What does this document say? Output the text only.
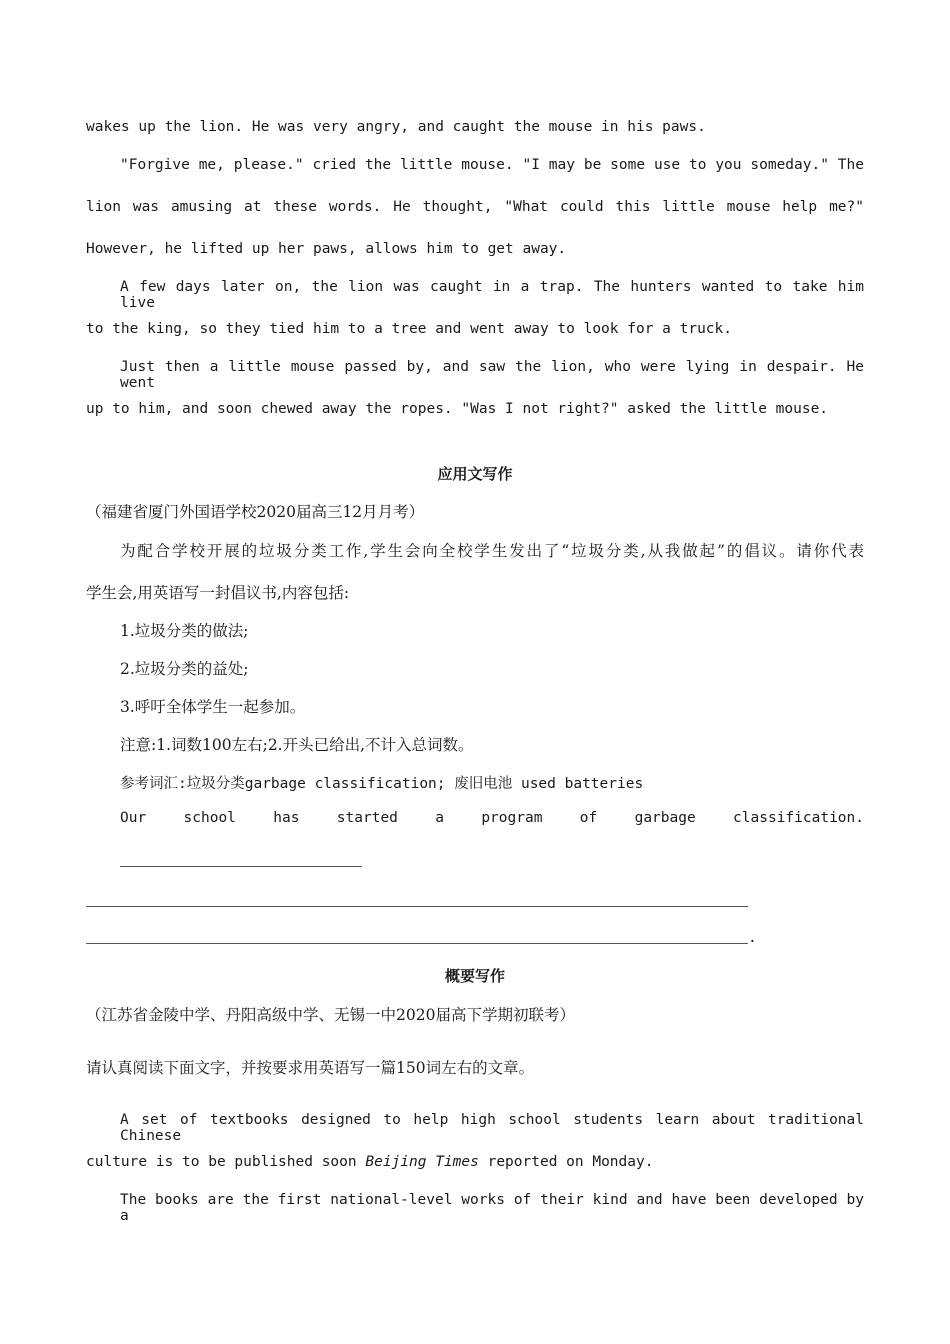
wakes up the lion. He was very angry, and caught the mouse in his paws.
"Forgive me, please." cried the little mouse. "I may be some use to you someday." The
lion was amusing at these words. He thought, "What could this little mouse help me?"
However, he lifted up her paws, allows him to get away.
A few days later on, the lion was caught in a trap. The hunters wanted to take him live
to the king, so they tied him to a tree and went away to look for a truck.
Just then a little mouse passed by, and saw the lion, who were lying in despair. He went
up to him, and soon chewed away the ropes. "Was I not right?" asked the little mouse.
应用文写作
（福建省厦门外国语学校2020届高三12月月考）
为配合学校开展的垃圾分类工作,学生会向全校学生发出了“垃圾分类,从我做起”的倡议。请你代表
学生会,用英语写一封倡议书,内容包括:
1.垃圾分类的做法;
2.垃圾分类的益处;
3.呼吁全体学生一起参加。
注意:1.词数100左右;2.开头已给出,不计入总词数。
参考词汇:垃圾分类garbage classification; 废旧电池 used batteries
Our school has started a program of garbage classification.
.
概要写作
（江苏省金陵中学、丹阳高级中学、无锡一中2020届高下学期初联考）
请认真阅读下面文字，并按要求用英语写一篇150词左右的文章。
A set of textbooks designed to help high school students learn about traditional Chinese
culture is to be published soon Beijing Times reported on Monday.
The books are the first national-level works of their kind and have been developed by a
